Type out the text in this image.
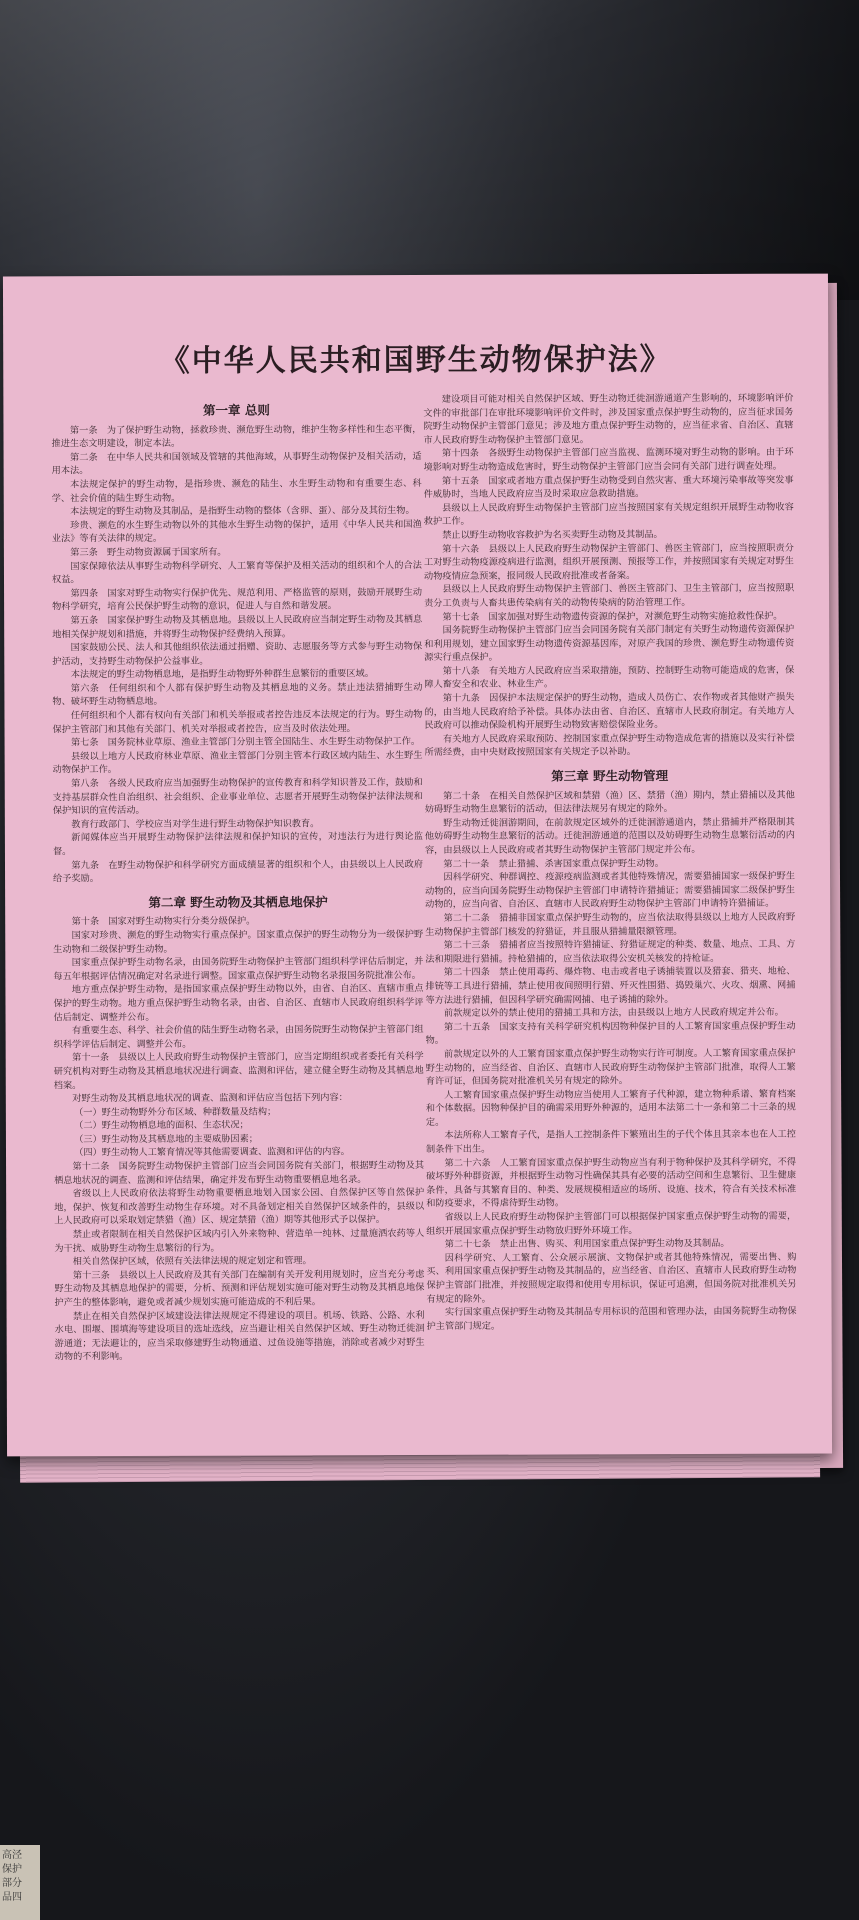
《中华人民共和国野生动物保护法》

第一章 总则

第一条　为了保护野生动物，拯救珍贵、濒危野生动物，维护生物多样性和生态平衡，推进生态文明建设，制定本法。

第二条　在中华人民共和国领域及管辖的其他海域，从事野生动物保护及相关活动，适用本法。

本法规定保护的野生动物，是指珍贵、濒危的陆生、水生野生动物和有重要生态、科学、社会价值的陆生野生动物。

本法规定的野生动物及其制品，是指野生动物的整体（含卵、蛋）、部分及其衍生物。

珍贵、濒危的水生野生动物以外的其他水生野生动物的保护，适用《中华人民共和国渔业法》等有关法律的规定。

第三条　野生动物资源属于国家所有。

国家保障依法从事野生动物科学研究、人工繁育等保护及相关活动的组织和个人的合法权益。

第四条　国家对野生动物实行保护优先、规范利用、严格监管的原则，鼓励开展野生动物科学研究，培育公民保护野生动物的意识，促进人与自然和谐发展。

第五条　国家保护野生动物及其栖息地。县级以上人民政府应当制定野生动物及其栖息地相关保护规划和措施，并将野生动物保护经费纳入预算。

国家鼓励公民、法人和其他组织依法通过捐赠、资助、志愿服务等方式参与野生动物保护活动，支持野生动物保护公益事业。

本法规定的野生动物栖息地，是指野生动物野外种群生息繁衍的重要区域。

第六条　任何组织和个人都有保护野生动物及其栖息地的义务。禁止违法猎捕野生动物、破坏野生动物栖息地。

任何组织和个人都有权向有关部门和机关举报或者控告违反本法规定的行为。野生动物保护主管部门和其他有关部门、机关对举报或者控告，应当及时依法处理。

第七条　国务院林业草原、渔业主管部门分别主管全国陆生、水生野生动物保护工作。

县级以上地方人民政府林业草原、渔业主管部门分别主管本行政区域内陆生、水生野生动物保护工作。

第八条　各级人民政府应当加强野生动物保护的宣传教育和科学知识普及工作，鼓励和支持基层群众性自治组织、社会组织、企业事业单位、志愿者开展野生动物保护法律法规和保护知识的宣传活动。

教育行政部门、学校应当对学生进行野生动物保护知识教育。

新闻媒体应当开展野生动物保护法律法规和保护知识的宣传，对违法行为进行舆论监督。

第九条　在野生动物保护和科学研究方面成绩显著的组织和个人，由县级以上人民政府给予奖励。

第二章 野生动物及其栖息地保护

第十条　国家对野生动物实行分类分级保护。

国家对珍贵、濒危的野生动物实行重点保护。国家重点保护的野生动物分为一级保护野生动物和二级保护野生动物。

国家重点保护野生动物名录，由国务院野生动物保护主管部门组织科学评估后制定，并每五年根据评估情况确定对名录进行调整。国家重点保护野生动物名录报国务院批准公布。

地方重点保护野生动物，是指国家重点保护野生动物以外，由省、自治区、直辖市重点保护的野生动物。地方重点保护野生动物名录，由省、自治区、直辖市人民政府组织科学评估后制定、调整并公布。

有重要生态、科学、社会价值的陆生野生动物名录，由国务院野生动物保护主管部门组织科学评估后制定、调整并公布。

第十一条　县级以上人民政府野生动物保护主管部门，应当定期组织或者委托有关科学研究机构对野生动物及其栖息地状况进行调查、监测和评估，建立健全野生动物及其栖息地档案。

对野生动物及其栖息地状况的调查、监测和评估应当包括下列内容：

（一）野生动物野外分布区域、种群数量及结构；

（二）野生动物栖息地的面积、生态状况；

（三）野生动物及其栖息地的主要威胁因素；

（四）野生动物人工繁育情况等其他需要调查、监测和评估的内容。

第十二条　国务院野生动物保护主管部门应当会同国务院有关部门，根据野生动物及其栖息地状况的调查、监测和评估结果，确定并发布野生动物重要栖息地名录。

省级以上人民政府依法将野生动物重要栖息地划入国家公园、自然保护区等自然保护地，保护、恢复和改善野生动物生存环境。对不具备划定相关自然保护区域条件的，县级以上人民政府可以采取划定禁猎（渔）区、规定禁猎（渔）期等其他形式予以保护。

禁止或者限制在相关自然保护区域内引入外来物种、营造单一纯林、过量施洒农药等人为干扰、威胁野生动物生息繁衍的行为。

相关自然保护区域，依照有关法律法规的规定划定和管理。

第十三条　县级以上人民政府及其有关部门在编制有关开发利用规划时，应当充分考虑野生动物及其栖息地保护的需要，分析、预测和评估规划实施可能对野生动物及其栖息地保护产生的整体影响，避免或者减少规划实施可能造成的不利后果。

禁止在相关自然保护区域建设法律法规规定不得建设的项目。机场、铁路、公路、水利水电、围堰、围填海等建设项目的选址选线，应当避让相关自然保护区域、野生动物迁徙洄游通道；无法避让的，应当采取修建野生动物通道、过鱼设施等措施，消除或者减少对野生动物的不利影响。

建设项目可能对相关自然保护区域、野生动物迁徙洄游通道产生影响的，环境影响评价文件的审批部门在审批环境影响评价文件时，涉及国家重点保护野生动物的，应当征求国务院野生动物保护主管部门意见；涉及地方重点保护野生动物的，应当征求省、自治区、直辖市人民政府野生动物保护主管部门意见。

第十四条　各级野生动物保护主管部门应当监视、监测环境对野生动物的影响。由于环境影响对野生动物造成危害时，野生动物保护主管部门应当会同有关部门进行调查处理。

第十五条　国家或者地方重点保护野生动物受到自然灾害、重大环境污染事故等突发事件威胁时，当地人民政府应当及时采取应急救助措施。

县级以上人民政府野生动物保护主管部门应当按照国家有关规定组织开展野生动物收容救护工作。

禁止以野生动物收容救护为名买卖野生动物及其制品。

第十六条　县级以上人民政府野生动物保护主管部门、兽医主管部门，应当按照职责分工对野生动物疫源疫病进行监测，组织开展预测、预报等工作，并按照国家有关规定对野生动物疫情应急预案，报同级人民政府批准或者备案。

县级以上人民政府野生动物保护主管部门、兽医主管部门、卫生主管部门，应当按照职责分工负责与人畜共患传染病有关的动物传染病的防治管理工作。

第十七条　国家加强对野生动物遗传资源的保护，对濒危野生动物实施抢救性保护。

国务院野生动物保护主管部门应当会同国务院有关部门制定有关野生动物遗传资源保护和利用规划，建立国家野生动物遗传资源基因库，对原产我国的珍贵、濒危野生动物遗传资源实行重点保护。

第十八条　有关地方人民政府应当采取措施，预防、控制野生动物可能造成的危害，保障人畜安全和农业、林业生产。

第十九条　因保护本法规定保护的野生动物，造成人员伤亡、农作物或者其他财产损失的，由当地人民政府给予补偿。具体办法由省、自治区、直辖市人民政府制定。有关地方人民政府可以推动保险机构开展野生动物致害赔偿保险业务。

有关地方人民政府采取预防、控制国家重点保护野生动物造成危害的措施以及实行补偿所需经费，由中央财政按照国家有关规定予以补助。

第三章 野生动物管理

第二十条　在相关自然保护区域和禁猎（渔）区、禁猎（渔）期内，禁止猎捕以及其他妨碍野生动物生息繁衍的活动，但法律法规另有规定的除外。

野生动物迁徙洄游期间，在前款规定区域外的迁徙洄游通道内，禁止猎捕并严格限制其他妨碍野生动物生息繁衍的活动。迁徙洄游通道的范围以及妨碍野生动物生息繁衍活动的内容，由县级以上人民政府或者其野生动物保护主管部门规定并公布。

第二十一条　禁止猎捕、杀害国家重点保护野生动物。

因科学研究、种群调控、疫源疫病监测或者其他特殊情况，需要猎捕国家一级保护野生动物的，应当向国务院野生动物保护主管部门申请特许猎捕证；需要猎捕国家二级保护野生动物的，应当向省、自治区、直辖市人民政府野生动物保护主管部门申请特许猎捕证。

第二十二条　猎捕非国家重点保护野生动物的，应当依法取得县级以上地方人民政府野生动物保护主管部门核发的狩猎证，并且服从猎捕量限额管理。

第二十三条　猎捕者应当按照特许猎捕证、狩猎证规定的种类、数量、地点、工具、方法和期限进行猎捕。持枪猎捕的，应当依法取得公安机关核发的持枪证。

第二十四条　禁止使用毒药、爆炸物、电击或者电子诱捕装置以及猎套、猎夹、地枪、排铳等工具进行猎捕，禁止使用夜间照明行猎、歼灭性围猎、捣毁巢穴、火攻、烟熏、网捕等方法进行猎捕，但因科学研究确需网捕、电子诱捕的除外。

前款规定以外的禁止使用的猎捕工具和方法，由县级以上地方人民政府规定并公布。

第二十五条　国家支持有关科学研究机构因物种保护目的人工繁育国家重点保护野生动物。

前款规定以外的人工繁育国家重点保护野生动物实行许可制度。人工繁育国家重点保护野生动物的，应当经省、自治区、直辖市人民政府野生动物保护主管部门批准，取得人工繁育许可证，但国务院对批准机关另有规定的除外。

人工繁育国家重点保护野生动物应当使用人工繁育子代种源，建立物种系谱、繁育档案和个体数据。因物种保护目的确需采用野外种源的，适用本法第二十一条和第二十三条的规定。

本法所称人工繁育子代，是指人工控制条件下繁殖出生的子代个体且其亲本也在人工控制条件下出生。

第二十六条　人工繁育国家重点保护野生动物应当有利于物种保护及其科学研究，不得破坏野外种群资源，并根据野生动物习性确保其具有必要的活动空间和生息繁衍、卫生健康条件，具备与其繁育目的、种类、发展规模相适应的场所、设施、技术，符合有关技术标准和防疫要求，不得虐待野生动物。

省级以上人民政府野生动物保护主管部门可以根据保护国家重点保护野生动物的需要，组织开展国家重点保护野生动物放归野外环境工作。

第二十七条　禁止出售、购买、利用国家重点保护野生动物及其制品。

因科学研究、人工繁育、公众展示展演、文物保护或者其他特殊情况，需要出售、购买、利用国家重点保护野生动物及其制品的，应当经省、自治区、直辖市人民政府野生动物保护主管部门批准，并按照规定取得和使用专用标识，保证可追溯，但国务院对批准机关另有规定的除外。

实行国家重点保护野生动物及其制品专用标识的范围和管理办法，由国务院野生动物保护主管部门规定。

高泾
保护
部分
品四
